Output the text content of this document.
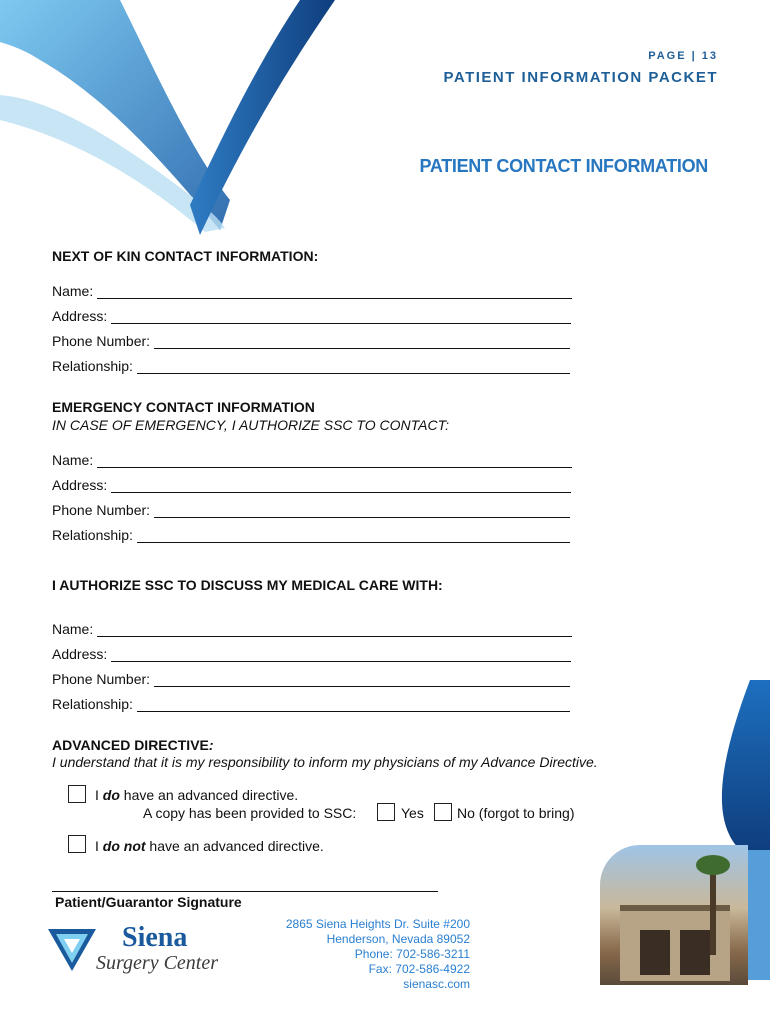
PAGE | 13
PATIENT INFORMATION PACKET
PATIENT CONTACT INFORMATION
NEXT OF KIN CONTACT INFORMATION:
Name:
Address:
Phone Number:
Relationship:
EMERGENCY CONTACT INFORMATION
IN CASE OF EMERGENCY, I AUTHORIZE SSC TO CONTACT:
Name:
Address:
Phone Number:
Relationship:
I AUTHORIZE SSC TO DISCUSS MY MEDICAL CARE WITH:
Name:
Address:
Phone Number:
Relationship:
ADVANCED DIRECTIVE:
I understand that it is my responsibility to inform my physicians of my Advance Directive.
I do have an advanced directive.
A copy has been provided to SSC:	Yes No (forgot to bring)
I do not have an advanced directive.
Patient/Guarantor Signature
Siena
Surgery Center
2865 Siena Heights Dr. Suite #200
Henderson, Nevada 89052
Phone: 702-586-3211
Fax: 702-586-4922
sienasc.com
